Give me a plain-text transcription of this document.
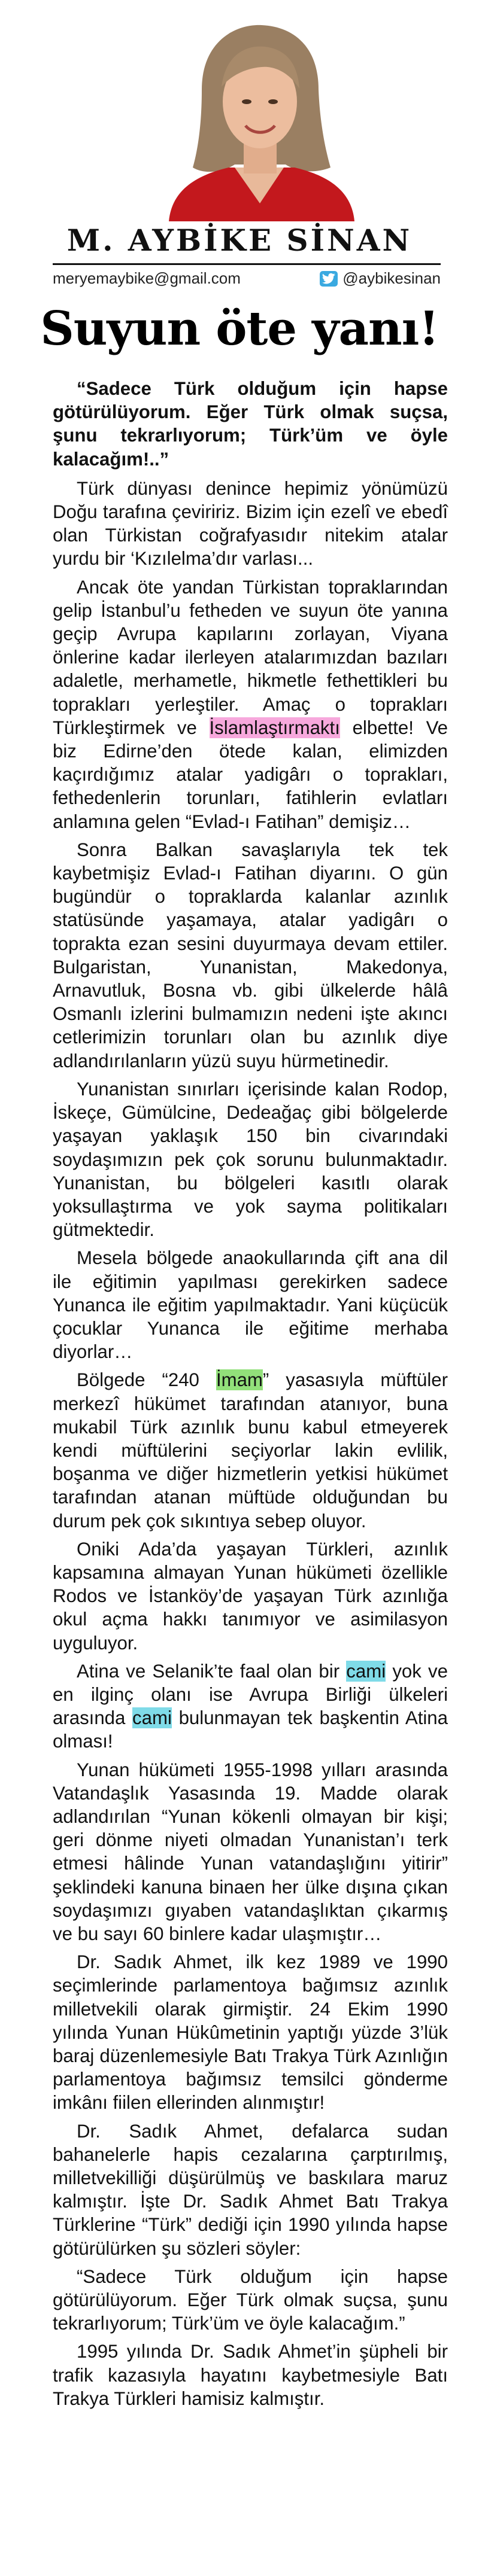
M. AYBİKE SİNAN
meryemaybike@gmail.com	@aybikesinan
Suyun öte yanı!

“Sadece Türk olduğum için hapse götürülüyorum. Eğer Türk olmak suçsa, şunu tekrarlıyorum; Türk’üm ve öyle kalacağım!..”

Türk dünyası denince hepimiz yönümüzü Doğu tarafına çeviririz. Bizim için ezelî ve ebedî olan Türkistan coğrafyasıdır nitekim atalar yurdu bir ‘Kızılelma’dır varlası...

Ancak öte yandan Türkistan topraklarından gelip İstanbul’u fetheden ve suyun öte yanına geçip Avrupa kapılarını zorlayan, Viyana önlerine kadar ilerleyen atalarımızdan bazıları adaletle, merhametle, hikmetle fethettikleri bu toprakları yerleştiler. Amaç o toprakları Türkleştirmek ve İslamlaştırmaktı elbette! Ve biz Edirne’den ötede kalan, elimizden kaçırdığımız atalar yadigârı o toprakları, fethedenlerin torunları, fatihlerin evlatları anlamına gelen “Evlad-ı Fatihan” demişiz…

Sonra Balkan savaşlarıyla tek tek kaybetmişiz Evlad-ı Fatihan diyarını. O gün bugündür o topraklarda kalanlar azınlık statüsünde yaşamaya, atalar yadigârı o toprakta ezan sesini duyurmaya devam ettiler. Bulgaristan, Yunanistan, Makedonya, Arnavutluk, Bosna vb. gibi ülkelerde hâlâ Osmanlı izlerini bulmamızın nedeni işte akıncı cetlerimizin torunları olan bu azınlık diye adlandırılanların yüzü suyu hürmetinedir.

Yunanistan sınırları içerisinde kalan Rodop, İskeçe, Gümülcine, Dedeağaç gibi bölgelerde yaşayan yaklaşık 150 bin civarındaki soydaşımızın pek çok sorunu bulunmaktadır. Yunanistan, bu bölgeleri kasıtlı olarak yoksullaştırma ve yok sayma politikaları gütmektedir.

Mesela bölgede anaokullarında çift ana dil ile eğitimin yapılması gerekirken sadece Yunanca ile eğitim yapılmaktadır. Yani küçücük çocuklar Yunanca ile eğitime merhaba diyorlar…

Bölgede “240 İmam” yasasıyla müftüler merkezî hükümet tarafından atanıyor, buna mukabil Türk azınlık bunu kabul etmeyerek kendi müftülerini seçiyorlar lakin evlilik, boşanma ve diğer hizmetlerin yetkisi hükümet tarafından atanan müftüde olduğundan bu durum pek çok sıkıntıya sebep oluyor.

Oniki Ada’da yaşayan Türkleri, azınlık kapsamına almayan Yunan hükümeti özellikle Rodos ve İstanköy’de yaşayan Türk azınlığa okul açma hakkı tanımıyor ve asimilasyon uyguluyor.

Atina ve Selanik’te faal olan bir cami yok ve en ilginç olanı ise Avrupa Birliği ülkeleri arasında cami bulunmayan tek başkentin Atina olması!

Yunan hükümeti 1955-1998 yılları arasında Vatandaşlık Yasasında 19. Madde olarak adlandırılan “Yunan kökenli olmayan bir kişi; geri dönme niyeti olmadan Yunanistan’ı terk etmesi hâlinde Yunan vatandaşlığını yitirir” şeklindeki kanuna binaen her ülke dışına çıkan soydaşımızı gıyaben vatandaşlıktan çıkarmış ve bu sayı 60 binlere kadar ulaşmıştır…

Dr. Sadık Ahmet, ilk kez 1989 ve 1990 seçimlerinde parlamentoya bağımsız azınlık milletvekili olarak girmiştir. 24 Ekim 1990 yılında Yunan Hükûmetinin yaptığı yüzde 3’lük baraj düzenlemesiyle Batı Trakya Türk Azınlığın parlamentoya bağımsız temsilci gönderme imkânı fiilen ellerinden alınmıştır!

Dr. Sadık Ahmet, defalarca sudan bahanelerle hapis cezalarına çarptırılmış, milletvekilliği düşürülmüş ve baskılara maruz kalmıştır. İşte Dr. Sadık Ahmet Batı Trakya Türklerine “Türk” dediği için 1990 yılında hapse götürülürken şu sözleri söyler:

“Sadece Türk olduğum için hapse götürülüyorum. Eğer Türk olmak suçsa, şunu tekrarlıyorum; Türk’üm ve öyle kalacağım.”

1995 yılında Dr. Sadık Ahmet’in şüpheli bir trafik kazasıyla hayatını kaybetmesiyle Batı Trakya Türkleri hamisiz kalmıştır.
